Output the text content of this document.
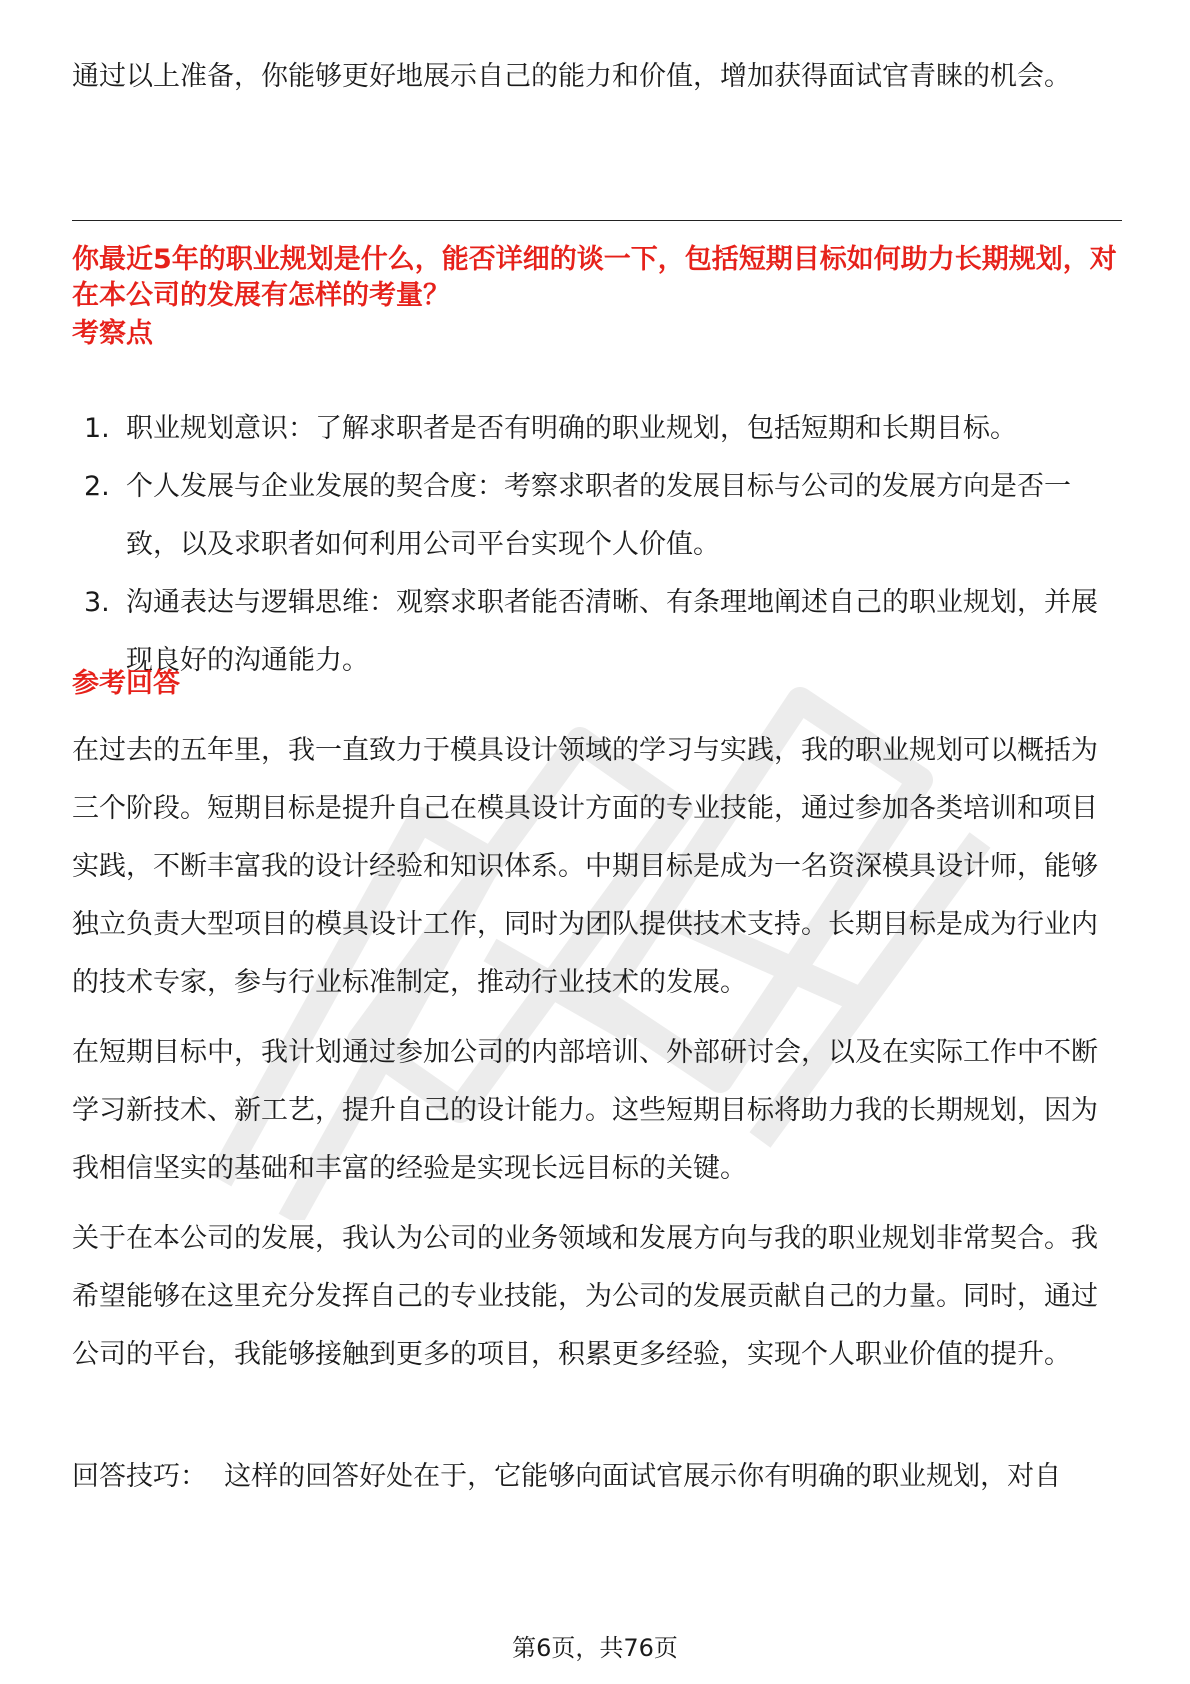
通过以上准备，你能够更好地展示自己的能力和价值，增加获得面试官青睐的机会。

你最近5年的职业规划是什么，能否详细的谈一下，包括短期目标如何助力长期规划，对在本公司的发展有怎样的考量？

考察点

1. 职业规划意识：了解求职者是否有明确的职业规划，包括短期和长期目标。
2. 个人发展与企业发展的契合度：考察求职者的发展目标与公司的发展方向是否一致，以及求职者如何利用公司平台实现个人价值。
3. 沟通表达与逻辑思维：观察求职者能否清晰、有条理地阐述自己的职业规划，并展现良好的沟通能力。

参考回答

在过去的五年里，我一直致力于模具设计领域的学习与实践，我的职业规划可以概括为三个阶段。短期目标是提升自己在模具设计方面的专业技能，通过参加各类培训和项目实践，不断丰富我的设计经验和知识体系。中期目标是成为一名资深模具设计师，能够独立负责大型项目的模具设计工作，同时为团队提供技术支持。长期目标是成为行业内的技术专家，参与行业标准制定，推动行业技术的发展。

在短期目标中，我计划通过参加公司的内部培训、外部研讨会，以及在实际工作中不断学习新技术、新工艺，提升自己的设计能力。这些短期目标将助力我的长期规划，因为我相信坚实的基础和丰富的经验是实现长远目标的关键。

关于在本公司的发展，我认为公司的业务领域和发展方向与我的职业规划非常契合。我希望能够在这里充分发挥自己的专业技能，为公司的发展贡献自己的力量。同时，通过公司的平台，我能够接触到更多的项目，积累更多经验，实现个人职业价值的提升。

回答技巧：  这样的回答好处在于，它能够向面试官展示你有明确的职业规划，对自

第6页，共76页
